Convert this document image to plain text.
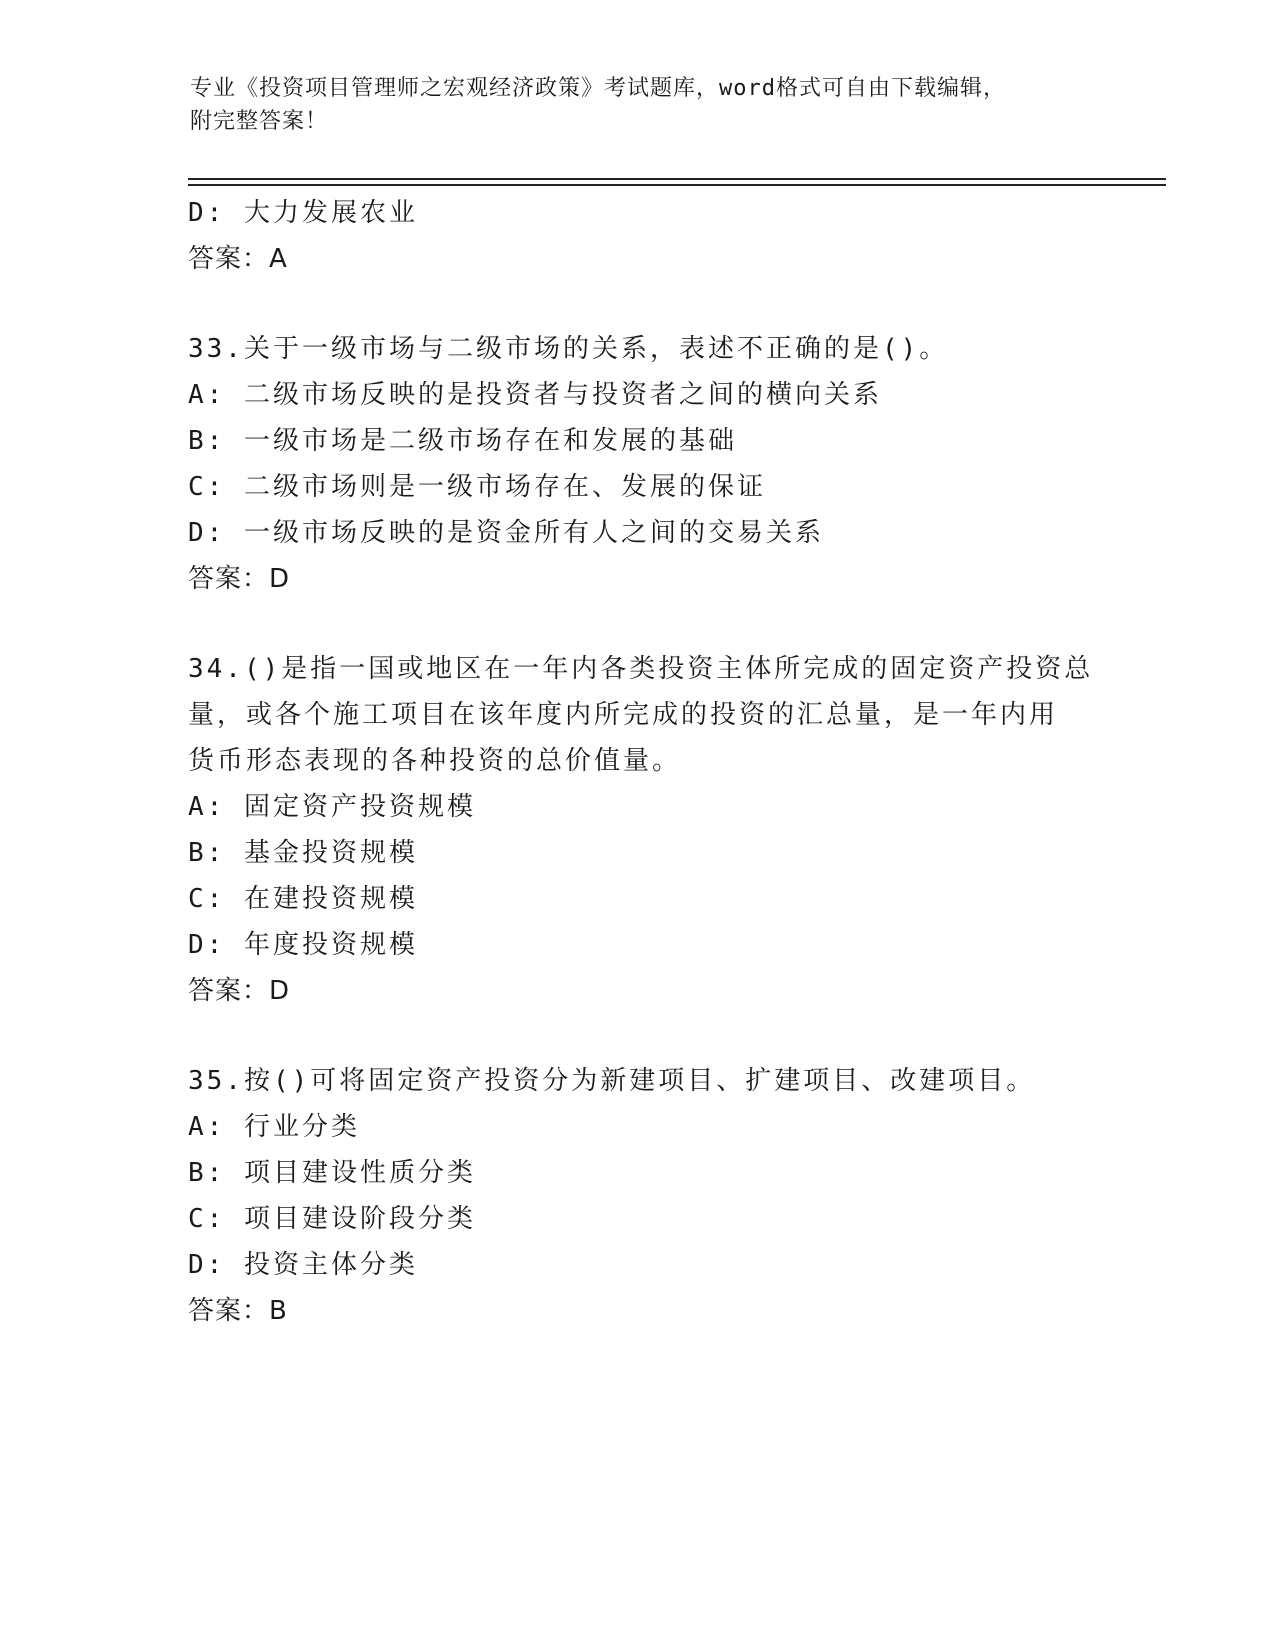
专业《投资项目管理师之宏观经济政策》考试题库，word格式可自由下载编辑，
附完整答案！
D: 大力发展农业
答案：A
33.关于一级市场与二级市场的关系，表述不正确的是()。
A: 二级市场反映的是投资者与投资者之间的横向关系
B: 一级市场是二级市场存在和发展的基础
C: 二级市场则是一级市场存在、发展的保证
D: 一级市场反映的是资金所有人之间的交易关系
答案：D
34.()是指一国或地区在一年内各类投资主体所完成的固定资产投资总
量，或各个施工项目在该年度内所完成的投资的汇总量，是一年内用
货币形态表现的各种投资的总价值量。
A: 固定资产投资规模
B: 基金投资规模
C: 在建投资规模
D: 年度投资规模
答案：D
35.按()可将固定资产投资分为新建项目、扩建项目、改建项目。
A: 行业分类
B: 项目建设性质分类
C: 项目建设阶段分类
D: 投资主体分类
答案：B
